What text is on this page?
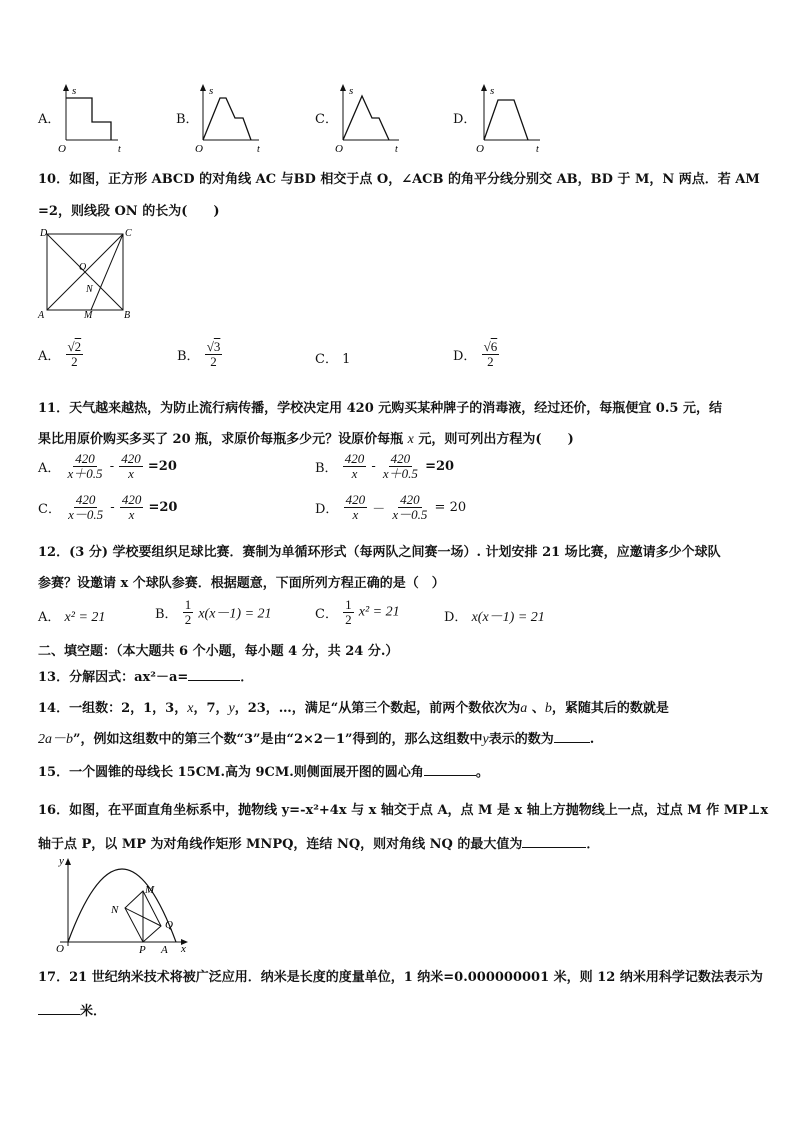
A．
s
O	t
B．
s
O	t
C．
s
O	t
D．
s
O	t
10．如图，正方形 ABCD 的对角线 AC 与BD 相交于点 O，∠ACB 的角平分线分别交 AB，BD 于 M，N 两点．若 AM
=2，则线段 ON 的长为(　　)
D	C
A	B
O
N
M
A． $\frac{√2}{2}$	B． $\frac{√3}{2}$	C． 1	D． $\frac{√6}{2}$
11．天气越来越热，为防止流行病传播，学校决定用 420 元购买某种牌子的消毒液，经过还价，每瓶便宜 0.5 元，结
果比用原价购买多买了 20 瓶，求原价每瓶多少元？设原价每瓶 x 元，则可列出方程为(　　)
A． $\frac{420}{x+0.5} - \frac{420}{x} =20$	B． $\frac{420}{x} - \frac{420}{x+0.5} =20$
C． $\frac{420}{x-0.5} - \frac{420}{x} =20$	D． $\frac{420}{x} - \frac{420}{x-0.5} = 20$
12．(3 分) 学校要组织足球比赛．赛制为单循环形式（每两队之间赛一场）. 计划安排 21 场比赛，应邀请多少个球队
参赛？设邀请 x 个球队参赛．根据题意，下面所列方程正确的是（　）
A． x² = 21	B． $\frac{1}{2} x(x-1) = 21$	C． $\frac{1}{2} x^2 = 21$	D． x(x－1) = 21
二、填空题：（本大题共 6 个小题，每小题 4 分，共 24 分.）
13．分解因式：ax²－a=	．
14．一组数：2，1，3，x，7，y，23，…，满足“从第三个数起，前两个数依次为a 、b，紧随其后的数就是
2a－b”，例如这组数中的第三个数“3”是由“2×2－1”得到的，那么这组数中y表示的数为	.
15．一个圆锥的母线长 15CM.高为 9CM.则侧面展开图的圆心角	。
16．如图，在平面直角坐标系中，抛物线 y=-x²+4x 与 x 轴交于点 A，点 M 是 x 轴上方抛物线上一点，过点 M 作 MP⊥x
轴于点 P，以 MP 为对角线作矩形 MNPQ，连结 NQ，则对角线 NQ 的最大值为	．
y
x
O
M
N
Q
P A
17．21 世纪纳米技术将被广泛应用．纳米是长度的度量单位，1 纳米=0.000000001 米，则 12 纳米用科学记数法表示为
米．
